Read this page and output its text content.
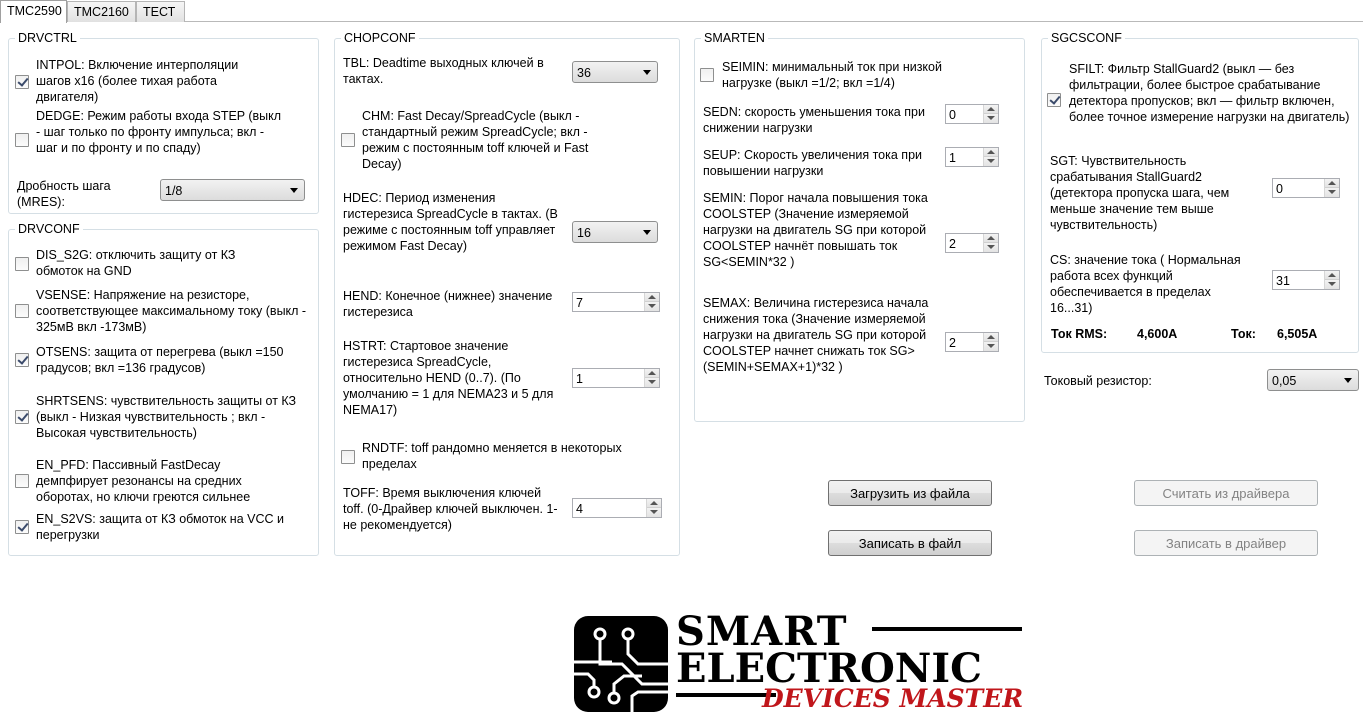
TMC2590 TMC2160	ТЕСТ
DRVCTRL
INTPOL: Включение интерполяции шагов x16 (более тихая работа двигателя)
DEDGE: Режим работы входа STEP (выкл - шаг только по фронту импульса; вкл - шаг и по фронту и по спаду)
Дробность шага (MRES):
1/8
DRVCONF
DIS_S2G: отключить защиту от КЗ обмоток на GND
VSENSE: Напряжение на резисторе, соответствующее максимальному току (выкл - 325мВ вкл -173мВ)
OTSENS: защита от перегрева (выкл =150 градусов; вкл =136 градусов)
SHRTSENS: чувствительность защиты от КЗ (выкл - Низкая чувствительность ; вкл - Высокая чувствительность)
EN_PFD: Пассивный FastDecay демпфирует резонансы на средних оборотах, но ключи греются сильнее
EN_S2VS: защита от КЗ обмоток на VCC и перегрузки
CHOPCONF
TBL: Deadtime выходных ключей в тактах.	36
CHM: Fast Decay/SpreadCycle (выкл - стандартный режим SpreadCycle; вкл - режим с постоянным toff ключей и Fast Decay)
HDEC: Период изменения гистерезиса SpreadCycle в тактах. (В режиме с постоянным toff управляет режимом Fast Decay)
16
HEND: Конечное (нижнее) значение гистерезиса
7
HSTRT: Стартовое значение гистерезиса SpreadCycle, относительно HEND (0..7). (По умолчанию = 1 для NEMA23 и 5 для NEMA17)
1
RNDTF: toff рандомно меняется в некоторых пределах
TOFF: Время выключения ключей toff. (0-Драйвер ключей выключен. 1- не рекомендуется)
4
SMARTEN
SEIMIN: минимальный ток при низкой нагрузке (выкл =1/2; вкл =1/4)
SEDN: скорость уменьшения тока при снижении нагрузки
0
SEUP: Скорость увеличения тока при повышении нагрузки
1
SEMIN: Порог начала повышения тока COOLSTEP (Значение измеряемой нагрузки на двигатель SG при которой COOLSTEP начнёт повышать ток SG<SEMIN*32 )
2
SEMAX: Величина гистерезиса начала снижения тока (Значение измеряемой нагрузки на двигатель SG при которой COOLSTEP начнет снижать ток SG>(SEMIN+SEMAX+1)*32 )
2
SGCSCONF
SFILT: Фильтр StallGuard2 (выкл — без фильтрации, более быстрое срабатывание детектора пропусков; вкл — фильтр включен, более точное измерение нагрузки на двигатель)
SGT: Чувствительность срабатывания StallGuard2 (детектора пропуска шага, чем меньше значение тем выше чувствительность)
0
CS: значение тока ( Нормальная работа всех функций обеспечивается в пределах 16...31)
31
Ток RMS: 4,600А	Ток: 6,505А
Токовый резистор:	0,05
Загрузить из файла
Записать в файл
Считать из драйвера
Записать в драйвер
SMART
ELECTRONIC
DEVICES MASTER
